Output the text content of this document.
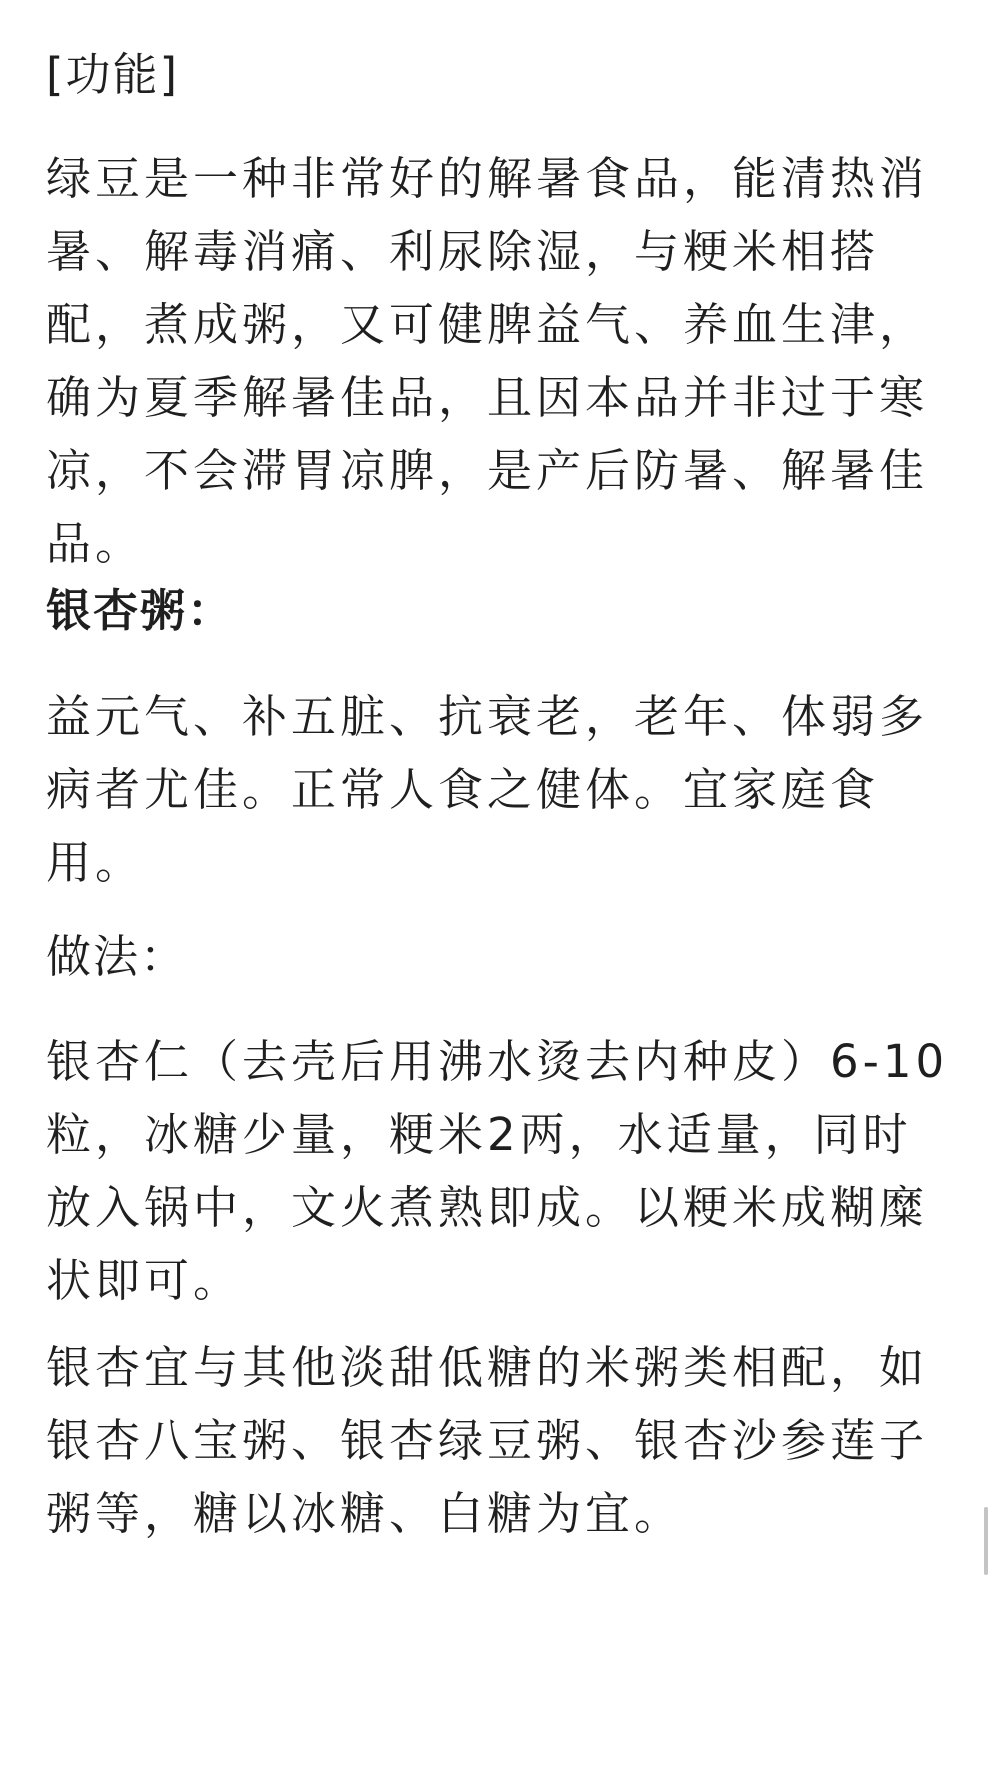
[功能]

绿豆是一种非常好的解暑食品，能清热消暑、解毒消痛、利尿除湿，与粳米相搭配，煮成粥，又可健脾益气、养血生津，确为夏季解暑佳品，且因本品并非过于寒凉，不会滞胃凉脾，是产后防暑、解暑佳品。

银杏粥：

益元气、补五脏、抗衰老，老年、体弱多病者尤佳。正常人食之健体。宜家庭食用。

做法：

银杏仁（去壳后用沸水烫去内种皮）6-10粒，冰糖少量，粳米2两，水适量，同时放入锅中，文火煮熟即成。以粳米成糊糜状即可。

银杏宜与其他淡甜低糖的米粥类相配，如银杏八宝粥、银杏绿豆粥、银杏沙参莲子粥等，糖以冰糖、白糖为宜。
